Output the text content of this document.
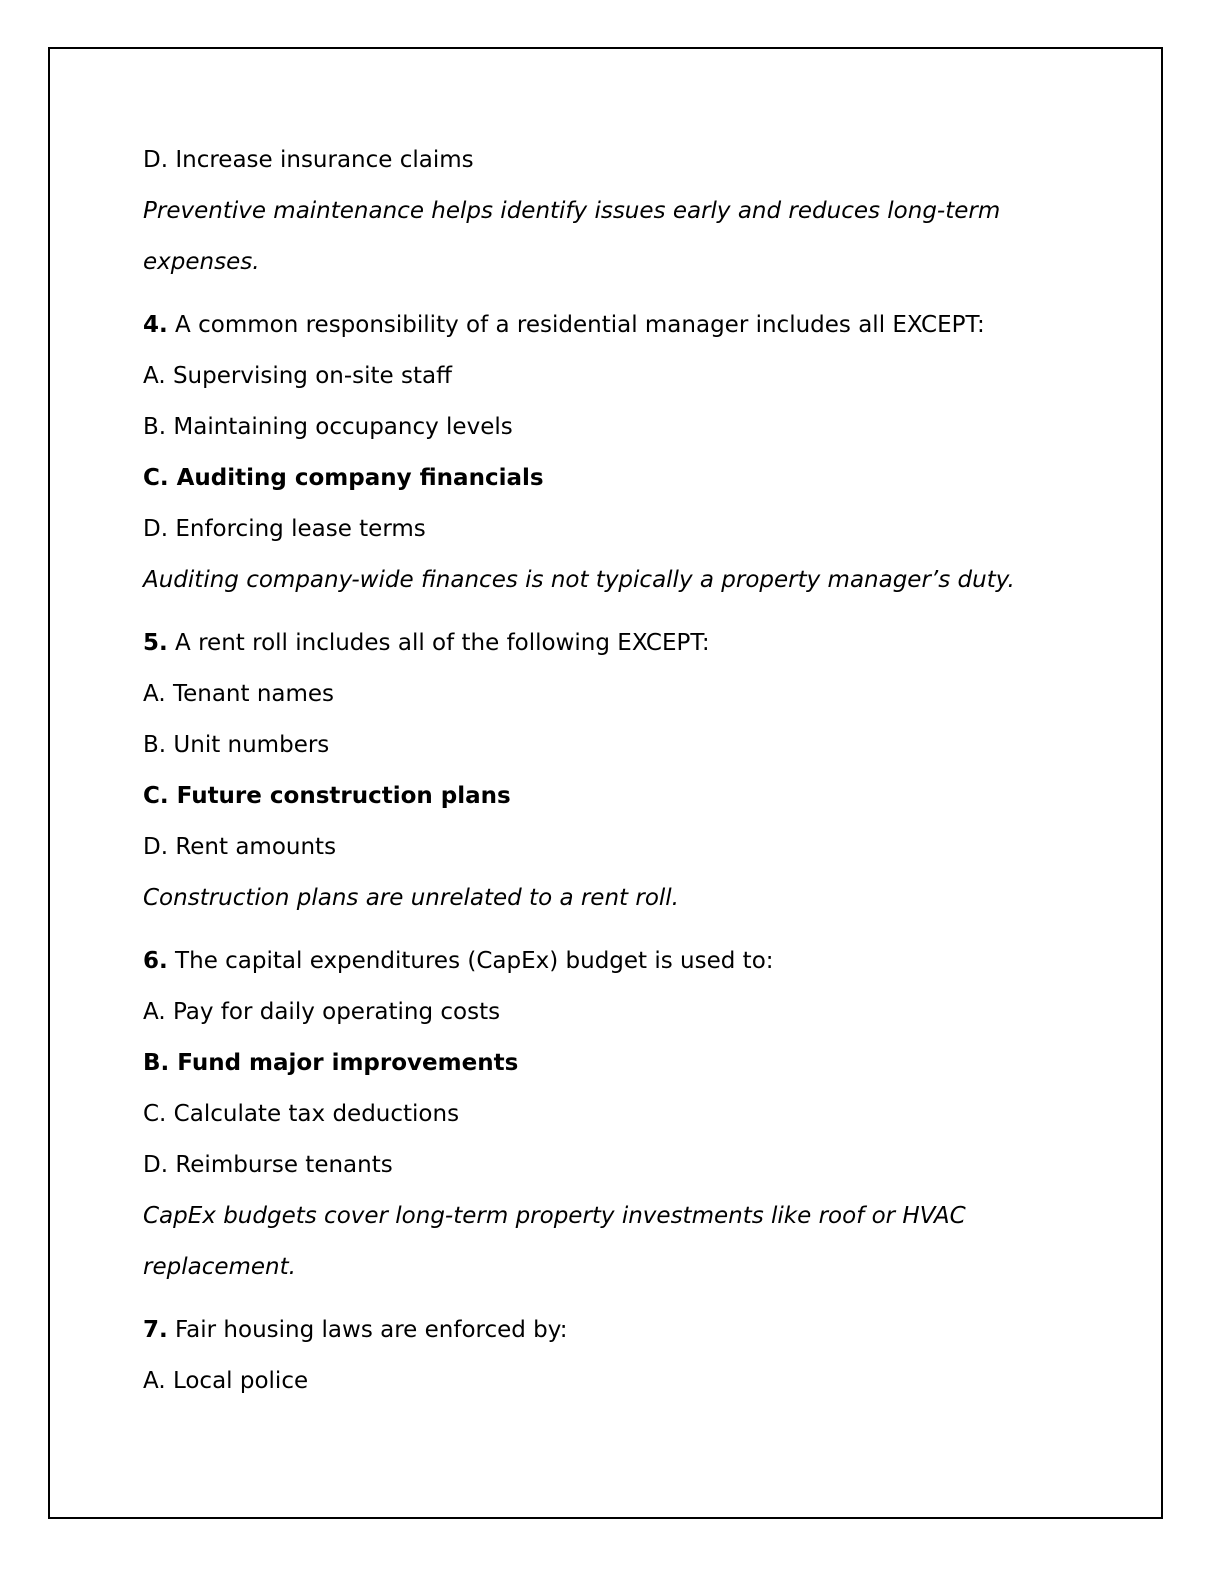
D. Increase insurance claims
Preventive maintenance helps identify issues early and reduces long-term
expenses.
4. A common responsibility of a residential manager includes all EXCEPT:
A. Supervising on-site staff
B. Maintaining occupancy levels
C. Auditing company financials
D. Enforcing lease terms
Auditing company-wide finances is not typically a property manager’s duty.
5. A rent roll includes all of the following EXCEPT:
A. Tenant names
B. Unit numbers
C. Future construction plans
D. Rent amounts
Construction plans are unrelated to a rent roll.
6. The capital expenditures (CapEx) budget is used to:
A. Pay for daily operating costs
B. Fund major improvements
C. Calculate tax deductions
D. Reimburse tenants
CapEx budgets cover long-term property investments like roof or HVAC
replacement.
7. Fair housing laws are enforced by:
A. Local police
